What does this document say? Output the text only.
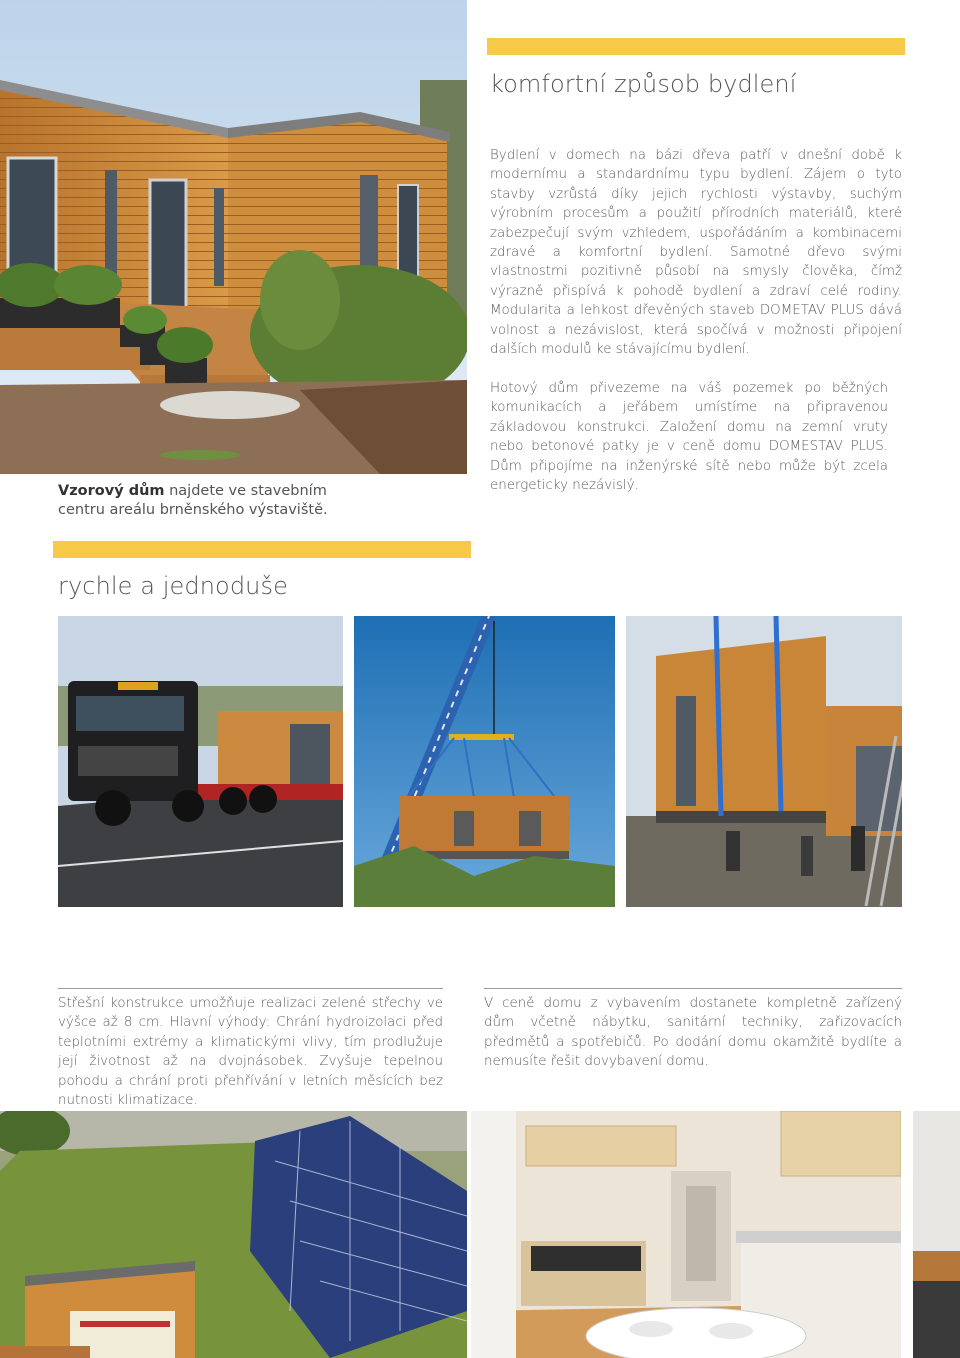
komfortní způsob bydlení
Bydlení v domech na bázi dřeva patří v dnešní době k modernímu a standardnímu typu bydlení. Zájem o tyto stavby vzrůstá díky jejich rychlosti výstavby, suchým výrobním procesům a použití přírodních materiálů, které zabezpečují svým vzhledem, uspořádáním a kombinacemi zdravé a komfortní bydlení. Samotné dřevo svými vlastnostmi pozitivně působí na smysly člověka, čímž výrazně přispívá k pohodě bydlení a zdraví celé rodiny. Modularita a lehkost dřevěných staveb DOMETAV PLUS dává volnost a nezávislost, která spočívá v možnosti připojení dalších modulů ke stávajícímu bydlení.
Hotový dům přivezeme na váš pozemek po běžných komunikacích a jeřábem umístíme na připravenou základovou konstrukci. Založení domu na zemní vruty nebo betonové patky je v ceně domu DOMESTAV PLUS. Dům připojíme na inženýrské sítě nebo může být zcela energeticky nezávislý.
Vzorový dům najdete ve stavebním centru areálu brněnského výstaviště.
rychle a jednoduše
Střešní konstrukce umožňuje realizaci zelené střechy ve výšce až 8 cm. Hlavní výhody: Chrání hydroizolaci před teplotními extrémy a klimatickými vlivy, tím prodlužuje její životnost až na dvojnásobek. Zvyšuje tepelnou pohodu a chrání proti přehřívání v letních měsících bez nutnosti klimatizace.
V ceně domu z vybavením dostanete kompletně zařízený dům včetně nábytku, sanitární techniky, zařizovacích předmětů a spotřebičů. Po dodání domu okamžitě bydlíte a nemusíte řešit dovybavení domu.
